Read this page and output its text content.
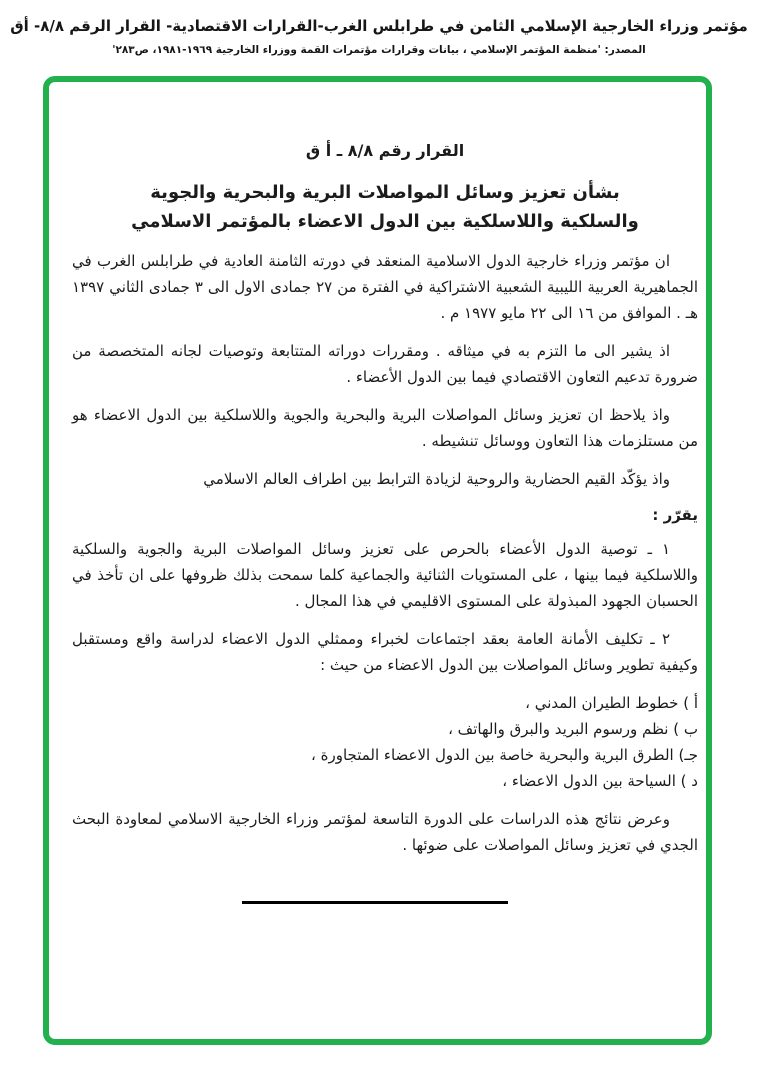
مؤتمر وزراء الخارجية الإسلامي الثامن في طرابلس الغرب-القرارات الاقتصادية- القرار الرقم ٨/٨- أق
المصدر: 'منظمة المؤتمر الإسلامي ، بيانات وقرارات مؤتمرات القمة ووزراء الخارجية ١٩٦٩-١٩٨١، ص٢٨٣'
القرار رقم ٨/٨ ـ أ ق
بشأن تعزيز وسائل المواصلات البرية والبحرية والجوية
والسلكية واللاسلكية بين الدول الاعضاء بالمؤتمر الاسلامي

ان مؤتمر وزراء خارجية الدول الاسلامية المنعقد في دورته الثامنة العادية في طرابلس الغرب في الجماهيرية العربية الليبية الشعبية الاشتراكية في الفترة من ٢٧ جمادى الاول الى ٣ جمادى الثاني ١٣٩٧ هـ . الموافق من ١٦ الى ٢٢ مايو ١٩٧٧ م .

اذ يشير الى ما التزم به في ميثاقه . ومقررات دوراته المتتابعة وتوصيات لجانه المتخصصة من ضرورة تدعيم التعاون الاقتصادي فيما بين الدول الأعضاء .

واذ يلاحظ ان تعزيز وسائل المواصلات البرية والبحرية والجوية واللاسلكية بين الدول الاعضاء هو من مستلزمات هذا التعاون ووسائل تنشيطه .

واذ يؤكّد القيم الحضارية والروحية لزيادة الترابط بين اطراف العالم الاسلامي

يقرّر :

١ ـ توصية الدول الأعضاء بالحرص على تعزيز وسائل المواصلات البرية والجوية والسلكية واللاسلكية فيما بينها ، على المستويات الثنائية والجماعية كلما سمحت بذلك ظروفها على ان تأخذ في الحسبان الجهود المبذولة على المستوى الاقليمي في هذا المجال .

٢ ـ تكليف الأمانة العامة بعقد اجتماعات لخبراء وممثلي الدول الاعضاء لدراسة واقع ومستقبل وكيفية تطوير وسائل المواصلات بين الدول الاعضاء من حيث :

أ ) خطوط الطيران المدني ،
ب ) نظم ورسوم البريد والبرق والهاتف ،
جـ) الطرق البرية والبحرية خاصة بين الدول الاعضاء المتجاورة ،
د ) السياحة بين الدول الاعضاء ،

وعرض نتائج هذه الدراسات على الدورة التاسعة لمؤتمر وزراء الخارجية الاسلامي لمعاودة البحث الجدي في تعزيز وسائل المواصلات على ضوئها .
